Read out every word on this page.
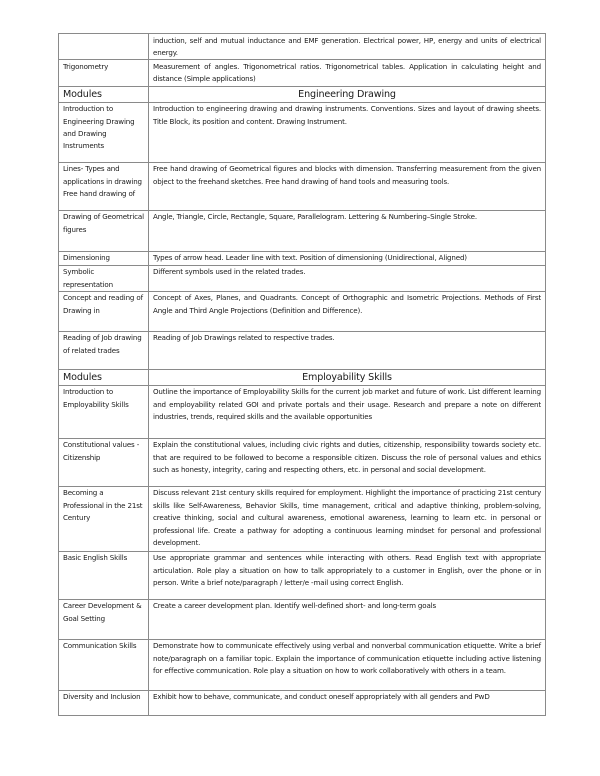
	induction, self and mutual inductance and EMF generation. Electrical power, HP, energy and units of electrical energy.
Trigonometry	Measurement of angles. Trigonometrical ratios. Trigonometrical tables. Application in calculating height and distance (Simple applications)
Modules	Engineering Drawing
Introduction to Engineering Drawing and Drawing Instruments	Introduction to engineering drawing and drawing instruments. Conventions. Sizes and layout of drawing sheets. Title Block, its position and content. Drawing Instrument.
Lines- Types and applications in drawing Free hand drawing of	Free hand drawing of Geometrical figures and blocks with dimension. Transferring measurement from the given object to the freehand sketches. Free hand drawing of hand tools and measuring tools.
Drawing of Geometrical figures	Angle, Triangle, Circle, Rectangle, Square, Parallelogram. Lettering & Numbering–Single Stroke.
Dimensioning	Types of arrow head. Leader line with text. Position of dimensioning (Unidirectional, Aligned)
Symbolic representation	Different symbols used in the related trades.
Concept and reading of Drawing in	Concept of Axes, Planes, and Quadrants. Concept of Orthographic and Isometric Projections. Methods of First Angle and Third Angle Projections (Definition and Difference).
Reading of Job drawing of related trades	Reading of Job Drawings related to respective trades.
Modules	Employability Skills
Introduction to Employability Skills	Outline the importance of Employability Skills for the current job market and future of work. List different learning and employability related GOI and private portals and their usage. Research and prepare a note on different industries, trends, required skills and the available opportunities
Constitutional values - Citizenship	Explain the constitutional values, including civic rights and duties, citizenship, responsibility towards society etc. that are required to be followed to become a responsible citizen. Discuss the role of personal values and ethics such as honesty, integrity, caring and respecting others, etc. in personal and social development.
Becoming a Professional in the 21st Century	Discuss relevant 21st century skills required for employment. Highlight the importance of practicing 21st century skills like Self-Awareness, Behavior Skills, time management, critical and adaptive thinking, problem-solving, creative thinking, social and cultural awareness, emotional awareness, learning to learn etc. in personal or professional life. Create a pathway for adopting a continuous learning mindset for personal and professional development.
Basic English Skills	Use appropriate grammar and sentences while interacting with others. Read English text with appropriate articulation. Role play a situation on how to talk appropriately to a customer in English, over the phone or in person. Write a brief note/paragraph / letter/e -mail using correct English.
Career Development & Goal Setting	Create a career development plan. Identify well-defined short- and long-term goals
Communication Skills	Demonstrate how to communicate effectively using verbal and nonverbal communication etiquette. Write a brief note/paragraph on a familiar topic. Explain the importance of communication etiquette including active listening for effective communication. Role play a situation on how to work collaboratively with others in a team.
Diversity and Inclusion	Exhibit how to behave, communicate, and conduct oneself appropriately with all genders and PwD
